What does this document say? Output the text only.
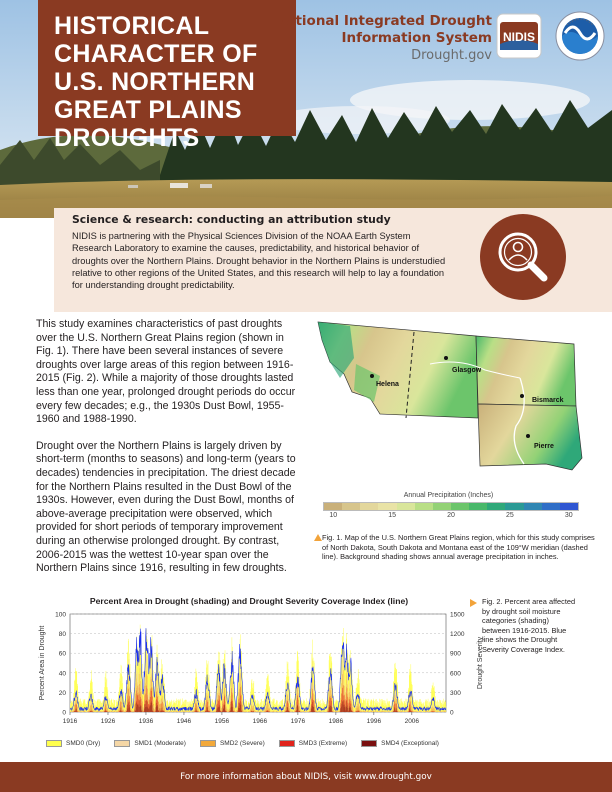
HISTORICAL CHARACTER OF U.S. NORTHERN GREAT PLAINS DROUGHTS
National Integrated Drought
Information System
Drought.gov
NIDIS
Science & research: conducting an attribution study

NIDIS is partnering with the Physical Sciences Division of the NOAA Earth System Research Laboratory to examine the causes, predictability, and historical behavior of droughts over the Northern Plains. Drought behavior in the Northern Plains is understudied relative to other regions of the United States, and this research will help to lay a foundation for understanding drought predictability.

This study examines characteristics of past droughts over the U.S. Northern Great Plains region (shown in Fig. 1). There have been several instances of severe droughts over large areas of this region between 1916-2015 (Fig. 2). While a majority of those droughts lasted less than one year, prolonged drought periods do occur every few decades; e.g., the 1930s Dust Bowl, 1955-1960 and 1988-1990.

Drought over the Northern Plains is largely driven by short-term (months to seasons) and long-term (years to decades) tendencies in precipitation. The driest decade for the Northern Plains resulted in the Dust Bowl of the 1930s. However, even during the Dust Bowl, months of above-average precipitation were observed, which provided for short periods of temporary improvement during an otherwise prolonged drought. By contrast, 2006-2015 was the wettest 10-year span over the Northern Plains since 1916, resulting in few droughts.

Helena
Glasgow
Bismarck
Pierre
Annual Precipitation (Inches)
10	15	20	25	30
Fig. 1. Map of the U.S. Northern Great Plains region, which for this study comprises of North Dakota, South Dakota and Montana east of the 109°W meridian (dashed line). Background shading shows annual average precipitation in inches.
Percent Area in Drought (shading) and Drought Severity Coverage Index (line)
0
20
40
60
80
100
0
300
600
900
1200
1500
1916	1926	1936	1946	1956	1966	1976	1986	1996	2006
Percent Area in Drought	Drought Severity
SMD0 (Dry)	SMD1 (Moderate)	SMD2 (Severe)	SMD3 (Extreme)	SMD4 (Exceptional)
Fig. 2. Percent area affected by drought soil moisture categories (shading) between 1916-2015. Blue line shows the Drought Severity Coverage Index.
For more information about NIDIS, visit www.drought.gov
